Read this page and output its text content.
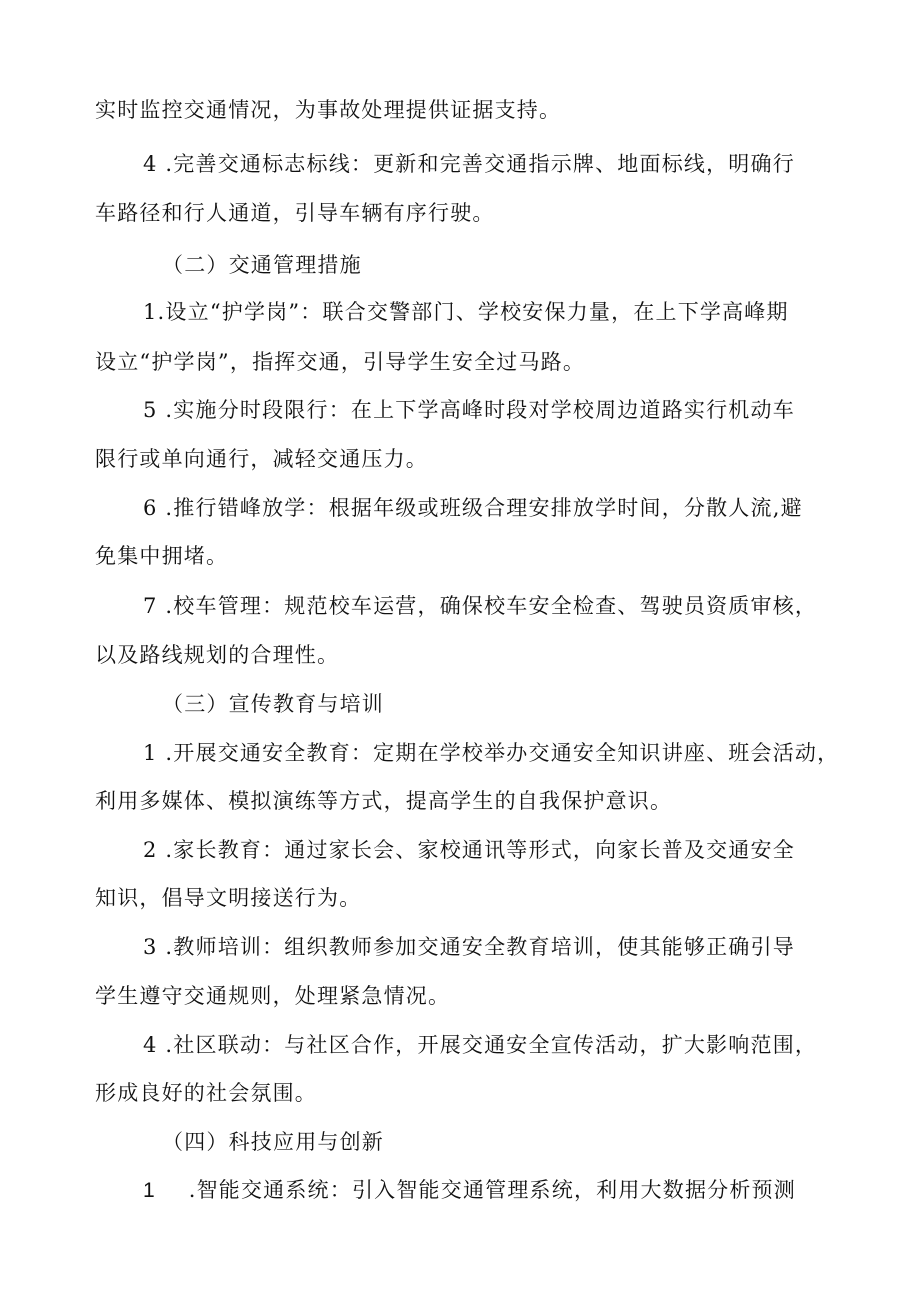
实时监控交通情况，为事故处理提供证据支持。
4 .完善交通标志标线：更新和完善交通指示牌、地面标线，明确行
车路径和行人通道，引导车辆有序行驶。
（二）交通管理措施
1.设立“护学岗”：联合交警部门、学校安保力量，在上下学高峰期
设立“护学岗”，指挥交通，引导学生安全过马路。
5 .实施分时段限行：在上下学高峰时段对学校周边道路实行机动车
限行或单向通行，减轻交通压力。
6 .推行错峰放学：根据年级或班级合理安排放学时间，分散人流,避
免集中拥堵。
7 .校车管理：规范校车运营，确保校车安全检查、驾驶员资质审核，
以及路线规划的合理性。
（三）宣传教育与培训
1 .开展交通安全教育：定期在学校举办交通安全知识讲座、班会活动，
利用多媒体、模拟演练等方式，提高学生的自我保护意识。
2 .家长教育：通过家长会、家校通讯等形式，向家长普及交通安全
知识，倡导文明接送行为。
3 .教师培训：组织教师参加交通安全教育培训，使其能够正确引导
学生遵守交通规则，处理紧急情况。
4 .社区联动：与社区合作，开展交通安全宣传活动，扩大影响范围，
形成良好的社会氛围。
（四）科技应用与创新
1 .智能交通系统：引入智能交通管理系统，利用大数据分析预测
